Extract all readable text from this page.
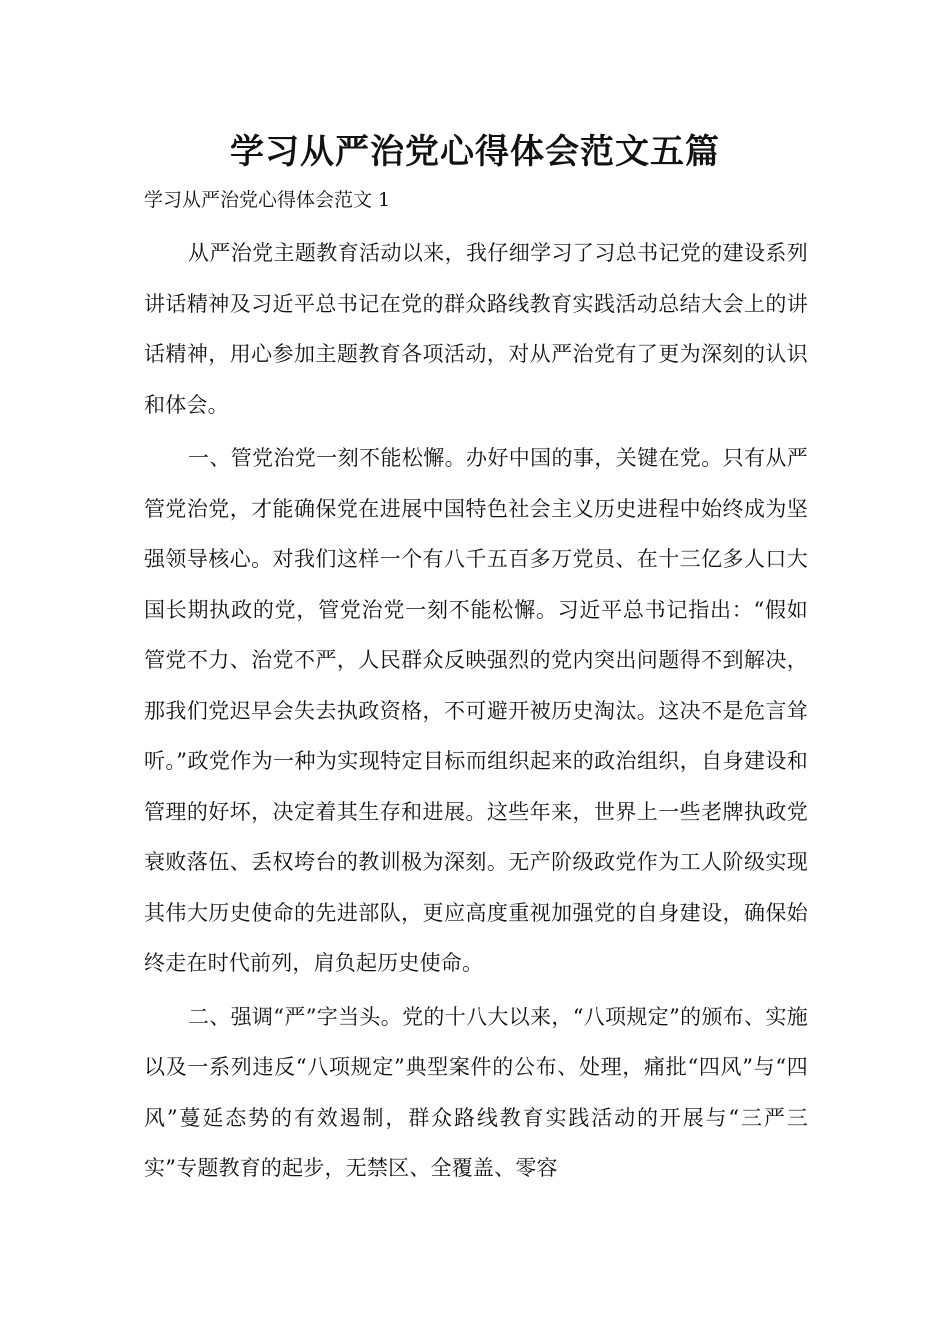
学习从严治党心得体会范文五篇

学习从严治党心得体会范文 1

从严治党主题教育活动以来，我仔细学习了习总书记党的建设系列讲话精神及习近平总书记在党的群众路线教育实践活动总结大会上的讲话精神，用心参加主题教育各项活动，对从严治党有了更为深刻的认识和体会。

一、管党治党一刻不能松懈。办好中国的事，关键在党。只有从严管党治党，才能确保党在进展中国特色社会主义历史进程中始终成为坚强领导核心。对我们这样一个有八千五百多万党员、在十三亿多人口大国长期执政的党，管党治党一刻不能松懈。习近平总书记指出：“假如管党不力、治党不严，人民群众反映强烈的党内突出问题得不到解决，那我们党迟早会失去执政资格，不可避开被历史淘汰。这决不是危言耸听。”政党作为一种为实现特定目标而组织起来的政治组织，自身建设和管理的好坏，决定着其生存和进展。这些年来，世界上一些老牌执政党衰败落伍、丢权垮台的教训极为深刻。无产阶级政党作为工人阶级实现其伟大历史使命的先进部队，更应高度重视加强党的自身建设，确保始终走在时代前列，肩负起历史使命。

二、强调“严”字当头。党的十八大以来，“八项规定”的颁布、实施以及一系列违反“八项规定”典型案件的公布、处理，痛批“四风”与“四风”蔓延态势的有效遏制，群众路线教育实践活动的开展与“三严三实”专题教育的起步，无禁区、全覆盖、零容
